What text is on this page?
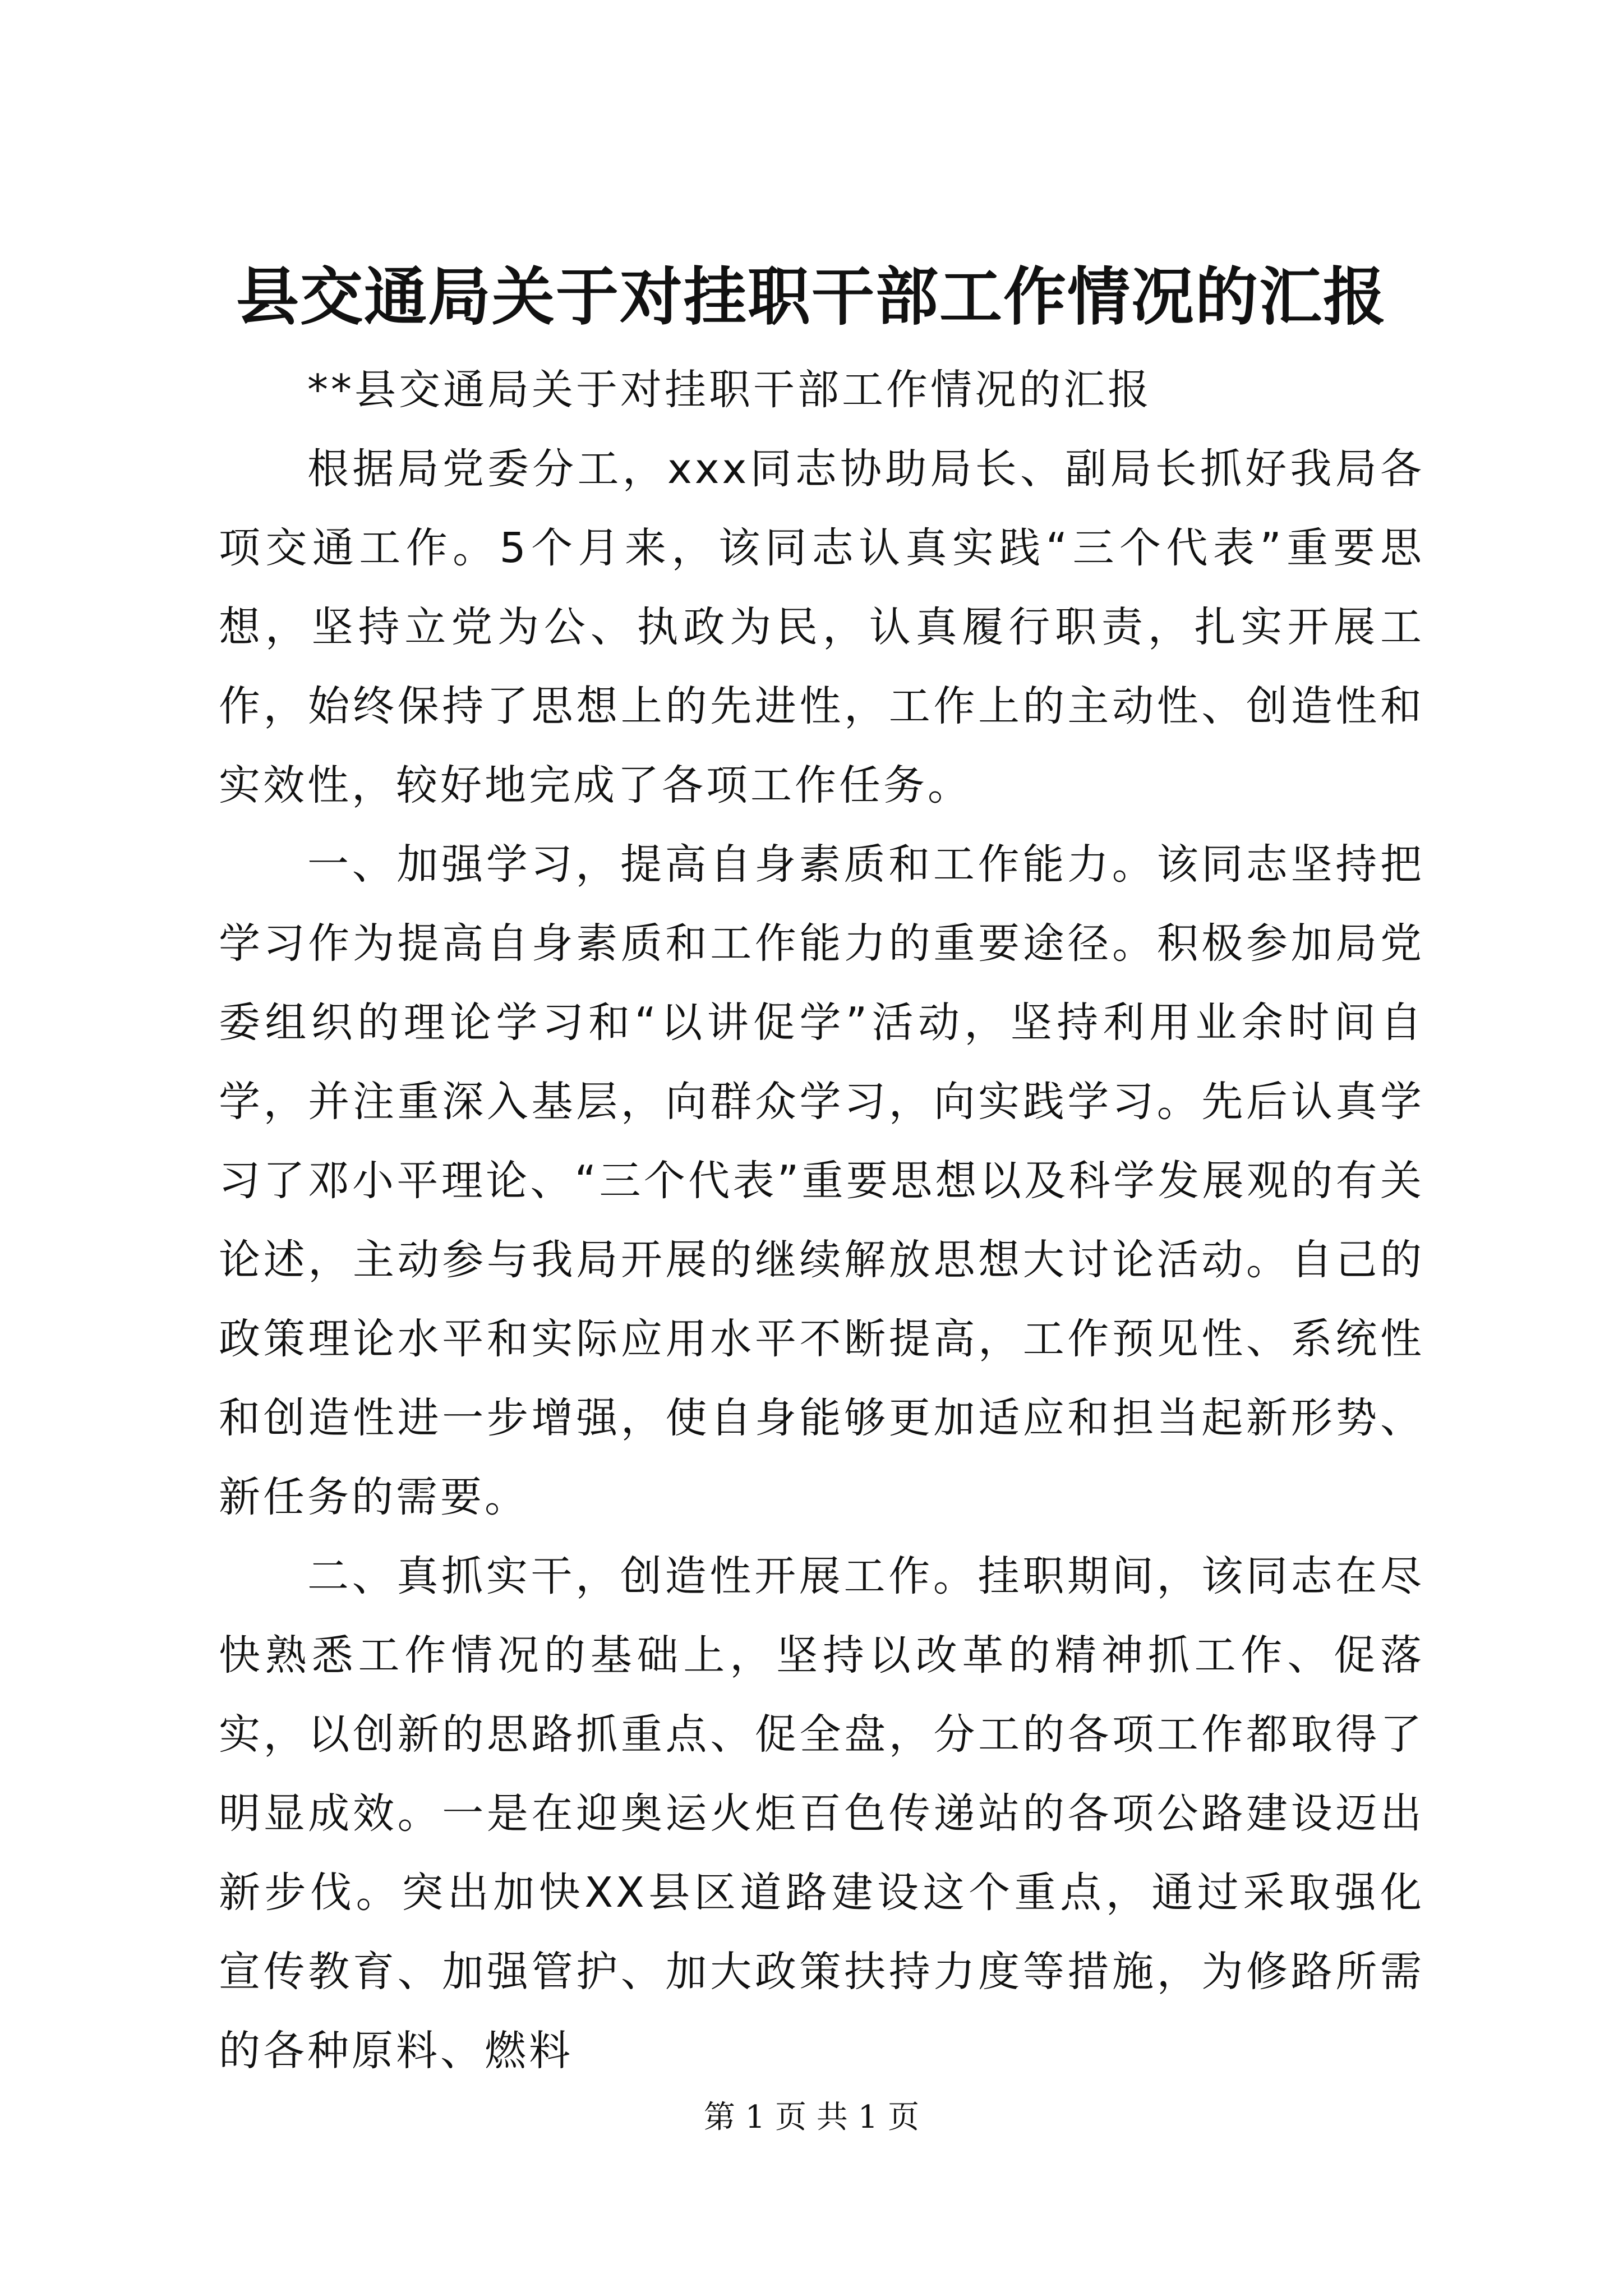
县交通局关于对挂职干部工作情况的汇报

**县交通局关于对挂职干部工作情况的汇报

根据局党委分工，xxx同志协助局长、副局长抓好我局各项交通工作。5个月来，该同志认真实践“三个代表”重要思想，坚持立党为公、执政为民，认真履行职责，扎实开展工作，始终保持了思想上的先进性，工作上的主动性、创造性和实效性，较好地完成了各项工作任务。

一、加强学习，提高自身素质和工作能力。该同志坚持把学习作为提高自身素质和工作能力的重要途径。积极参加局党委组织的理论学习和“以讲促学”活动，坚持利用业余时间自学，并注重深入基层，向群众学习，向实践学习。先后认真学习了邓小平理论、“三个代表”重要思想以及科学发展观的有关论述，主动参与我局开展的继续解放思想大讨论活动。自己的政策理论水平和实际应用水平不断提高，工作预见性、系统性和创造性进一步增强，使自身能够更加适应和担当起新形势、新任务的需要。

二、真抓实干，创造性开展工作。挂职期间，该同志在尽快熟悉工作情况的基础上，坚持以改革的精神抓工作、促落实，以创新的思路抓重点、促全盘，分工的各项工作都取得了明显成效。一是在迎奥运火炬百色传递站的各项公路建设迈出新步伐。突出加快XX县区道路建设这个重点，通过采取强化宣传教育、加强管护、加大政策扶持力度等措施，为修路所需的各种原料、燃料

第 1 页 共 1 页
